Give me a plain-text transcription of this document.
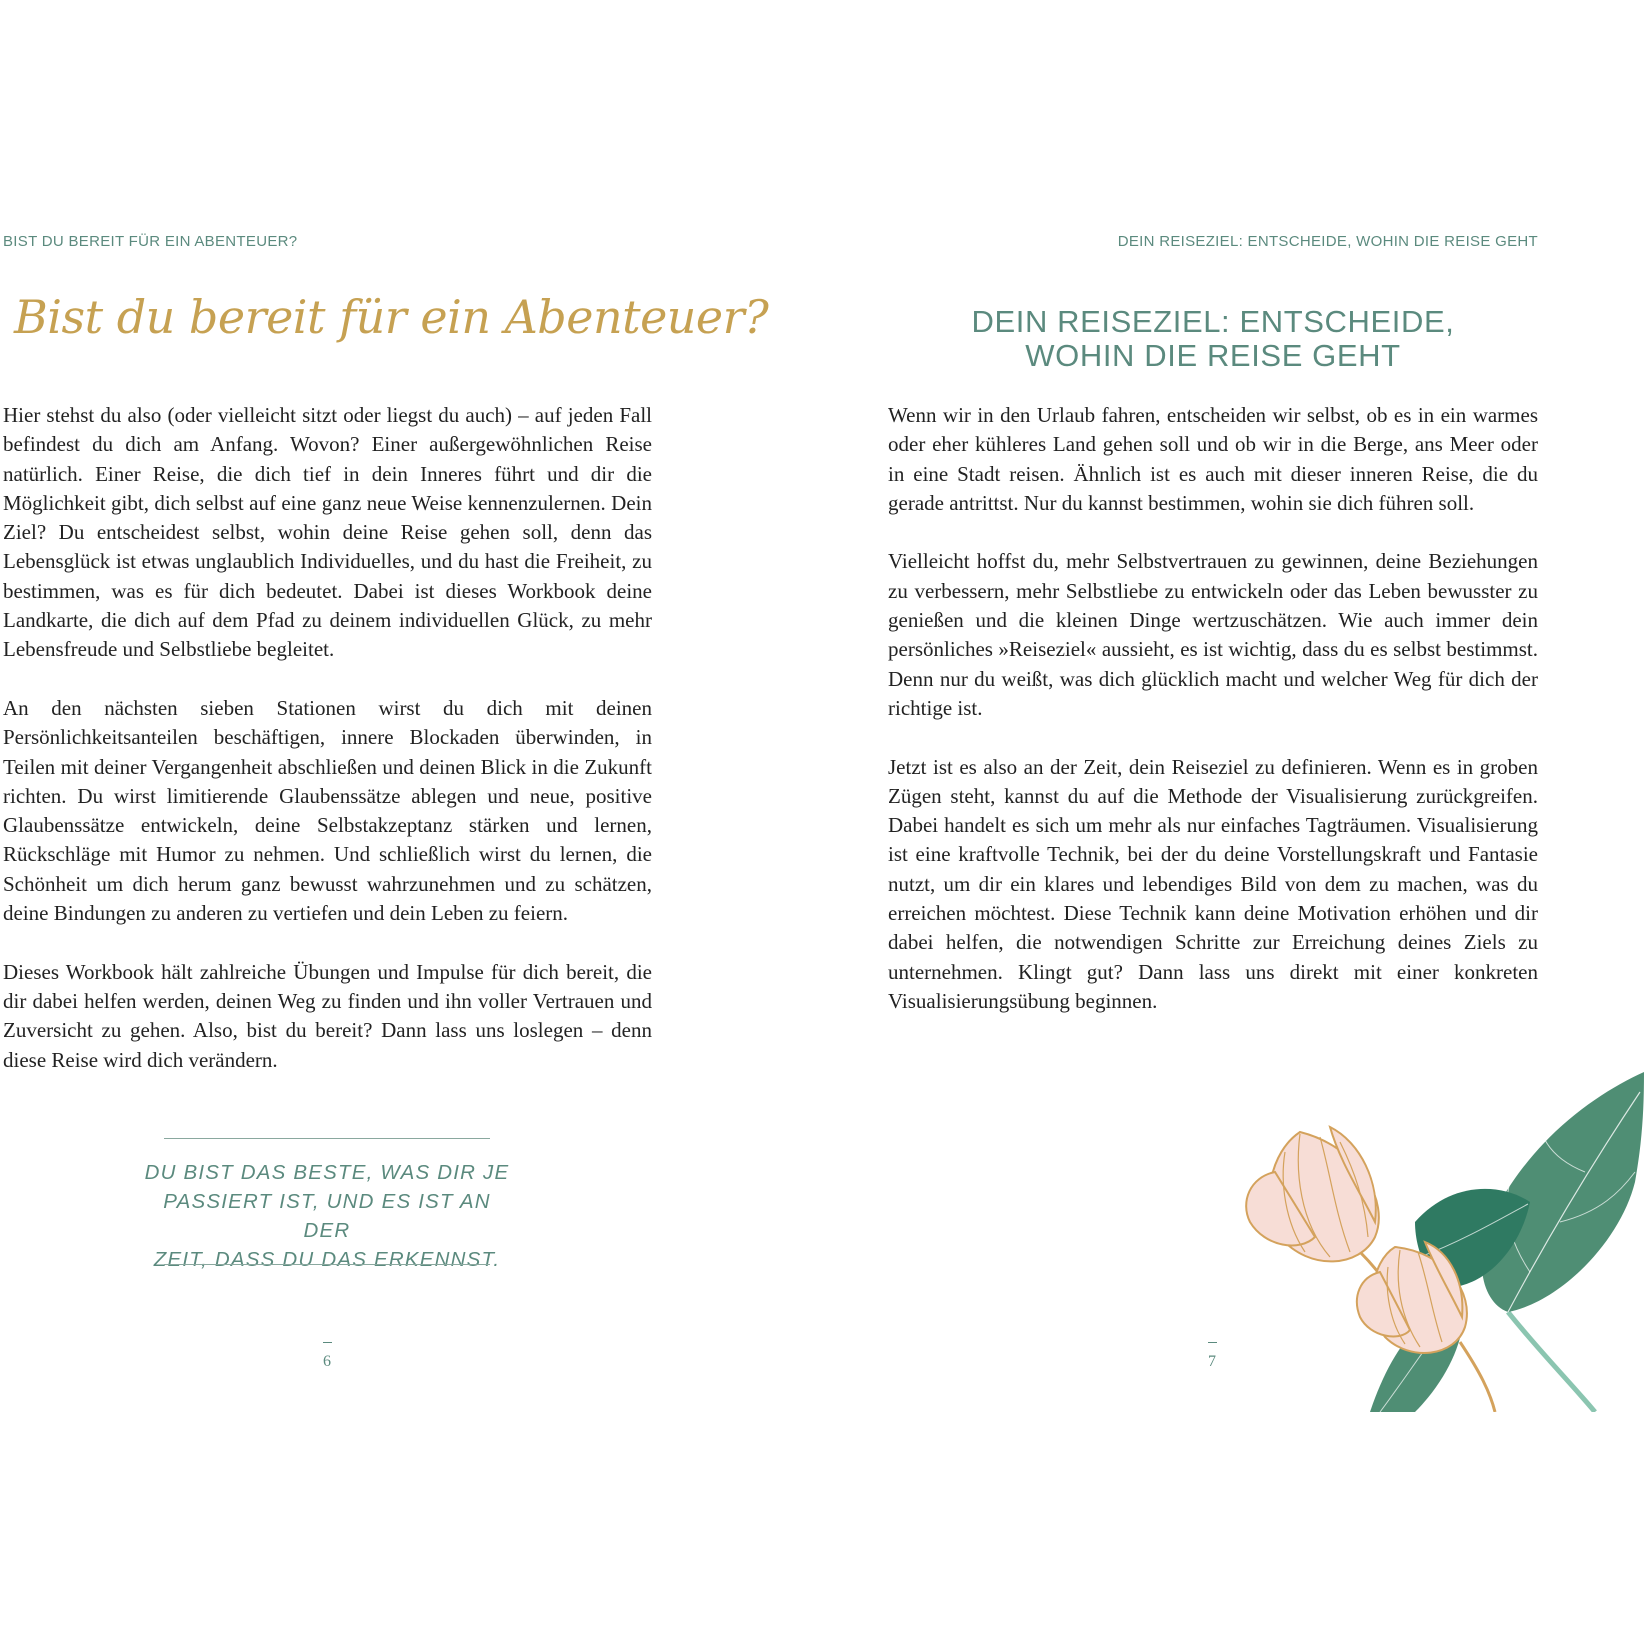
BIST DU BEREIT FÜR EIN ABENTEUER?
Bist du bereit für ein Abenteuer?

Hier stehst du also (oder vielleicht sitzt oder liegst du auch) – auf jeden Fall befindest du dich am Anfang. Wovon? Einer außergewöhnlichen Reise natürlich. Einer Reise, die dich tief in dein Inneres führt und dir die Möglichkeit gibt, dich selbst auf eine ganz neue Weise kennenzulernen. Dein Ziel? Du entscheidest selbst, wohin deine Reise gehen soll, denn das Lebensglück ist etwas unglaublich Individuelles, und du hast die Freiheit, zu bestimmen, was es für dich bedeutet. Dabei ist dieses Workbook deine Landkarte, die dich auf dem Pfad zu deinem individuellen Glück, zu mehr Lebensfreude und Selbstliebe begleitet.

An den nächsten sieben Stationen wirst du dich mit deinen Persönlichkeitsanteilen beschäftigen, innere Blockaden überwinden, in Teilen mit deiner Vergangenheit abschließen und deinen Blick in die Zukunft richten. Du wirst limitierende Glaubenssätze ablegen und neue, positive Glaubenssätze entwickeln, deine Selbstakzeptanz stärken und lernen, Rückschläge mit Humor zu nehmen. Und schließlich wirst du lernen, die Schönheit um dich herum ganz bewusst wahrzunehmen und zu schätzen, deine Bindungen zu anderen zu vertiefen und dein Leben zu feiern.

Dieses Workbook hält zahlreiche Übungen und Impulse für dich bereit, die dir dabei helfen werden, deinen Weg zu finden und ihn voller Vertrauen und Zuversicht zu gehen. Also, bist du bereit? Dann lass uns loslegen – denn diese Reise wird dich verändern.

DU BIST DAS BESTE, WAS DIR JE
PASSIERT IST, UND ES IST AN DER
ZEIT, DASS DU DAS ERKENNST.
6
DEIN REISEZIEL: ENTSCHEIDE, WOHIN DIE REISE GEHT
DEIN REISEZIEL: ENTSCHEIDE,
WOHIN DIE REISE GEHT

Wenn wir in den Urlaub fahren, entscheiden wir selbst, ob es in ein warmes oder eher kühleres Land gehen soll und ob wir in die Berge, ans Meer oder in eine Stadt reisen. Ähnlich ist es auch mit dieser inneren Reise, die du gerade antrittst. Nur du kannst bestimmen, wohin sie dich führen soll.

Vielleicht hoffst du, mehr Selbstvertrauen zu gewinnen, deine Beziehungen zu verbessern, mehr Selbstliebe zu entwickeln oder das Leben bewusster zu genießen und die kleinen Dinge wertzuschätzen. Wie auch immer dein persönliches »Reiseziel« aussieht, es ist wichtig, dass du es selbst bestimmst. Denn nur du weißt, was dich glücklich macht und welcher Weg für dich der richtige ist.

Jetzt ist es also an der Zeit, dein Reiseziel zu definieren. Wenn es in groben Zügen steht, kannst du auf die Methode der Visualisierung zurückgreifen. Dabei handelt es sich um mehr als nur einfaches Tagträumen. Visualisierung ist eine kraftvolle Technik, bei der du deine Vorstellungskraft und Fantasie nutzt, um dir ein klares und lebendiges Bild von dem zu machen, was du erreichen möchtest. Diese Technik kann deine Motivation erhöhen und dir dabei helfen, die notwendigen Schritte zur Erreichung deines Ziels zu unternehmen. Klingt gut? Dann lass uns direkt mit einer konkreten Visualisierungsübung beginnen.

7
